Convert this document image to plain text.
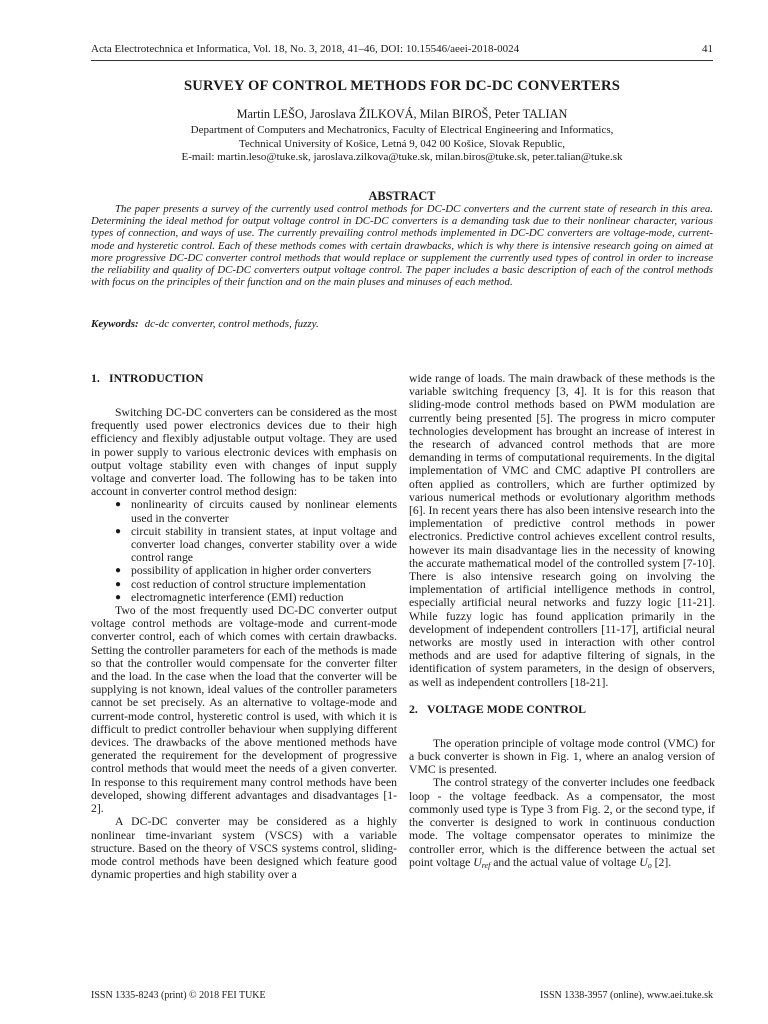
Acta Electrotechnica et Informatica, Vol. 18, No. 3, 2018, 41–46, DOI: 10.15546/aeei-2018-0024	41
SURVEY OF CONTROL METHODS FOR DC-DC CONVERTERS
Martin LEŠO, Jaroslava ŽILKOVÁ, Milan BIROŠ, Peter TALIAN
Department of Computers and Mechatronics, Faculty of Electrical Engineering and Informatics,
Technical University of Košice, Letná 9, 042 00 Košice, Slovak Republic,
E-mail: martin.leso@tuke.sk, jaroslava.zilkova@tuke.sk, milan.biros@tuke.sk, peter.talian@tuke.sk
ABSTRACT
The paper presents a survey of the currently used control methods for DC-DC converters and the current state of research in this area. Determining the ideal method for output voltage control in DC-DC converters is a demanding task due to their nonlinear character, various types of connection, and ways of use. The currently prevailing control methods implemented in DC-DC converters are voltage-mode, current-mode and hysteretic control. Each of these methods comes with certain drawbacks, which is why there is intensive research going on aimed at more progressive DC-DC converter control methods that would replace or supplement the currently used types of control in order to increase the reliability and quality of DC-DC converters output voltage control. The paper includes a basic description of each of the control methods with focus on the principles of their function and on the main pluses and minuses of each method.
Keywords: dc-dc converter, control methods, fuzzy.
1. INTRODUCTION

Switching DC-DC converters can be considered as the most frequently used power electronics devices due to their high efficiency and flexibly adjustable output voltage. They are used in power supply to various electronic devices with emphasis on output voltage stability even with changes of input supply voltage and converter load. The following has to be taken into account in converter control method design:

● nonlinearity of circuits caused by nonlinear elements used in the converter
● circuit stability in transient states, at input voltage and converter load changes, converter stability over a wide control range
● possibility of application in higher order converters
● cost reduction of control structure implementation
● electromagnetic interference (EMI) reduction

Two of the most frequently used DC-DC converter output voltage control methods are voltage-mode and current-mode converter control, each of which comes with certain drawbacks. Setting the controller parameters for each of the methods is made so that the controller would compensate for the converter filter and the load. In the case when the load that the converter will be supplying is not known, ideal values of the controller parameters cannot be set precisely. As an alternative to voltage-mode and current-mode control, hysteretic control is used, with which it is difficult to predict controller behaviour when supplying different devices. The drawbacks of the above mentioned methods have generated the requirement for the development of progressive control methods that would meet the needs of a given converter. In response to this requirement many control methods have been developed, showing different advantages and disadvantages [1-2].

A DC-DC converter may be considered as a highly nonlinear time-invariant system (VSCS) with a variable structure. Based on the theory of VSCS systems control, sliding-mode control methods have been designed which feature good dynamic properties and high stability over a

wide range of loads. The main drawback of these methods is the variable switching frequency [3, 4]. It is for this reason that sliding-mode control methods based on PWM modulation are currently being presented [5]. The progress in micro computer technologies development has brought an increase of interest in the research of advanced control methods that are more demanding in terms of computational requirements. In the digital implementation of VMC and CMC adaptive PI controllers are often applied as controllers, which are further optimized by various numerical methods or evolutionary algorithm methods [6]. In recent years there has also been intensive research into the implementation of predictive control methods in power electronics. Predictive control achieves excellent control results, however its main disadvantage lies in the necessity of knowing the accurate mathematical model of the controlled system [7-10]. There is also intensive research going on involving the implementation of artificial intelligence methods in control, especially artificial neural networks and fuzzy logic [11-21]. While fuzzy logic has found application primarily in the development of independent controllers [11-17], artificial neural networks are mostly used in interaction with other control methods and are used for adaptive filtering of signals, in the identification of system parameters, in the design of observers, as well as independent controllers [18-21].

2. VOLTAGE MODE CONTROL

The operation principle of voltage mode control (VMC) for a buck converter is shown in Fig. 1, where an analog version of VMC is presented.

The control strategy of the converter includes one feedback loop - the voltage feedback. As a compensator, the most commonly used type is Type 3 from Fig. 2, or the second type, if the converter is designed to work in continuous conduction mode. The voltage compensator operates to minimize the controller error, which is the difference between the actual set point voltage $U_{ref}$ and the actual value of voltage $U_o$ [2].

ISSN 1335-8243 (print) © 2018 FEI TUKE	ISSN 1338-3957 (online), www.aei.tuke.sk
